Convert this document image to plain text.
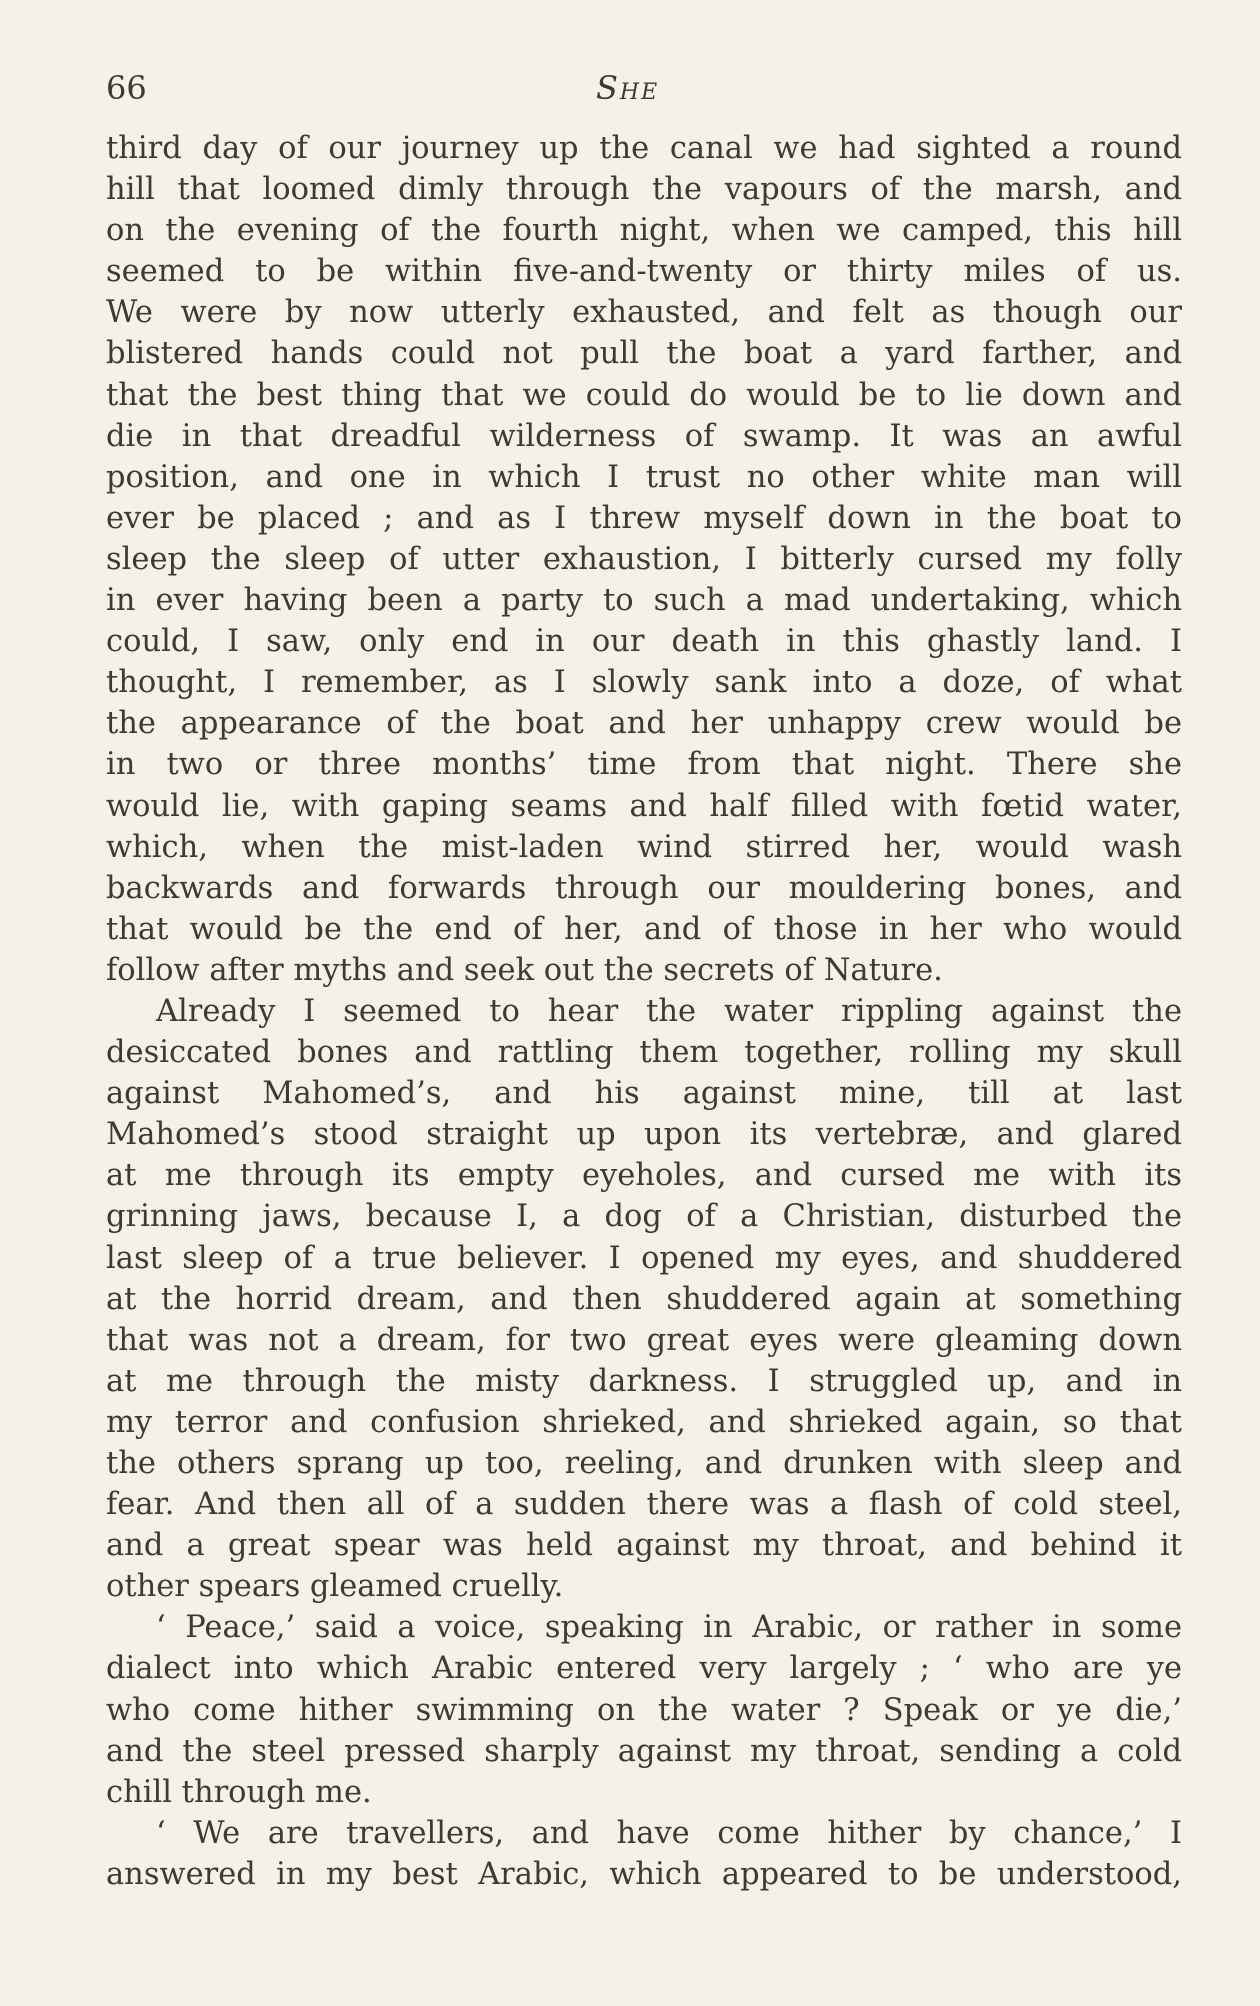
66	She
third day of our journey up the canal we had sighted a round
hill that loomed dimly through the vapours of the marsh, and
on the evening of the fourth night, when we camped, this hill
seemed to be within five-and-twenty or thirty miles of us.
We were by now utterly exhausted, and felt as though our
blistered hands could not pull the boat a yard farther, and
that the best thing that we could do would be to lie down and
die in that dreadful wilderness of swamp. It was an awful
position, and one in which I trust no other white man will
ever be placed ; and as I threw myself down in the boat to
sleep the sleep of utter exhaustion, I bitterly cursed my folly
in ever having been a party to such a mad undertaking, which
could, I saw, only end in our death in this ghastly land. I
thought, I remember, as I slowly sank into a doze, of what
the appearance of the boat and her unhappy crew would be
in two or three months’ time from that night. There she
would lie, with gaping seams and half filled with fœtid water,
which, when the mist-laden wind stirred her, would wash
backwards and forwards through our mouldering bones, and
that would be the end of her, and of those in her who would
follow after myths and seek out the secrets of Nature.
Already I seemed to hear the water rippling against the
desiccated bones and rattling them together, rolling my skull
against Mahomed’s, and his against mine, till at last
Mahomed’s stood straight up upon its vertebræ, and glared
at me through its empty eyeholes, and cursed me with its
grinning jaws, because I, a dog of a Christian, disturbed the
last sleep of a true believer. I opened my eyes, and shuddered
at the horrid dream, and then shuddered again at something
that was not a dream, for two great eyes were gleaming down
at me through the misty darkness. I struggled up, and in
my terror and confusion shrieked, and shrieked again, so that
the others sprang up too, reeling, and drunken with sleep and
fear. And then all of a sudden there was a flash of cold steel,
and a great spear was held against my throat, and behind it
other spears gleamed cruelly.
‘ Peace,’ said a voice, speaking in Arabic, or rather in some
dialect into which Arabic entered very largely ; ‘ who are ye
who come hither swimming on the water ? Speak or ye die,’
and the steel pressed sharply against my throat, sending a cold
chill through me.
‘ We are travellers, and have come hither by chance,’ I
answered in my best Arabic, which appeared to be understood,
